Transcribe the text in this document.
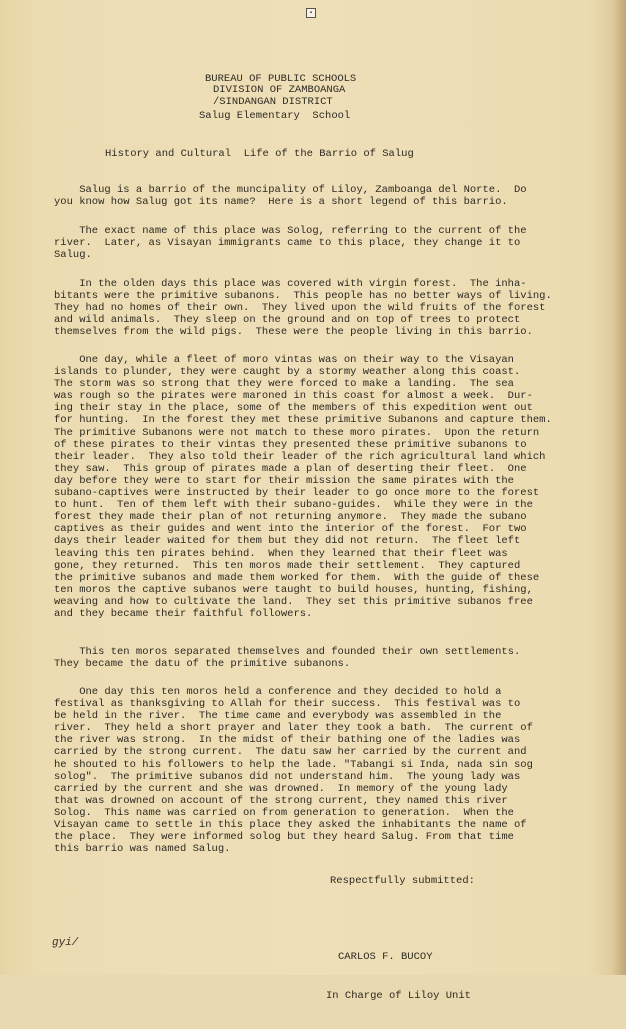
▪
BUREAU OF PUBLIC SCHOOLS
DIVISION OF ZAMBOANGA
/SINDANGAN DISTRICT
Salug Elementary  School
History and Cultural  Life of the Barrio of Salug

Salug is a barrio of the muncipality of Liloy, Zamboanga del Norte.  Do
you know how Salug got its name?  Here is a short legend of this barrio.

The exact name of this place was Solog, referring to the current of the
river.  Later, as Visayan immigrants came to this place, they change it to
Salug.

In the olden days this place was covered with virgin forest.  The inha-
bitants were the primitive subanons.  This people has no better ways of living.
They had no homes of their own.  They lived upon the wild fruits of the forest
and wild animals.  They sleep on the ground and on top of trees to protect
themselves from the wild pigs.  These were the people living in this barrio.

One day, while a fleet of moro vintas was on their way to the Visayan
islands to plunder, they were caught by a stormy weather along this coast.
The storm was so strong that they were forced to make a landing.  The sea
was rough so the pirates were maroned in this coast for almost a week.  Dur-
ing their stay in the place, some of the members of this expedition went out
for hunting.  In the forest they met these primitive Subanons and capture them.
The primitive Subanons were not match to these moro pirates.  Upon the return
of these pirates to their vintas they presented these primitive subanons to
their leader.  They also told their leader of the rich agricultural land which
they saw.  This group of pirates made a plan of deserting their fleet.  One
day before they were to start for their mission the same pirates with the
subano-captives were instructed by their leader to go once more to the forest
to hunt.  Ten of them left with their subano-guides.  While they were in the
forest they made their plan of not returning anymore.  They made the subano
captives as their guides and went into the interior of the forest.  For two
days their leader waited for them but they did not return.  The fleet left
leaving this ten pirates behind.  When they learned that their fleet was
gone, they returned.  This ten moros made their settlement.  They captured
the primitive subanos and made them worked for them.  With the guide of these
ten moros the captive subanos were taught to build houses, hunting, fishing,
weaving and how to cultivate the land.  They set this primitive subanos free
and they became their faithful followers.

This ten moros separated themselves and founded their own settlements.
They became the datu of the primitive subanons.

One day this ten moros held a conference and they decided to hold a
festival as thanksgiving to Allah for their success.  This festival was to
be held in the river.  The time came and everybody was assembled in the
river.  They held a short prayer and later they took a bath.  The current of
the river was strong.  In the midst of their bathing one of the ladies was
carried by the strong current.  The datu saw her carried by the current and
he shouted to his followers to help the lade. "Tabangi si Inda, nada sin sog
solog".  The primitive subanos did not understand him.  The young lady was
carried by the current and she was drowned.  In memory of the young lady
that was drowned on account of the strong current, they named this river
Solog.  This name was carried on from generation to generation.  When the
Visayan came to settle in this place they asked the inhabitants the name of
the place.  They were informed solog but they heard Salug. From that time
this barrio was named Salug.

Respectfully submitted:

CARLOS F. BUCOY

In Charge of Liloy Unit

gyi/
